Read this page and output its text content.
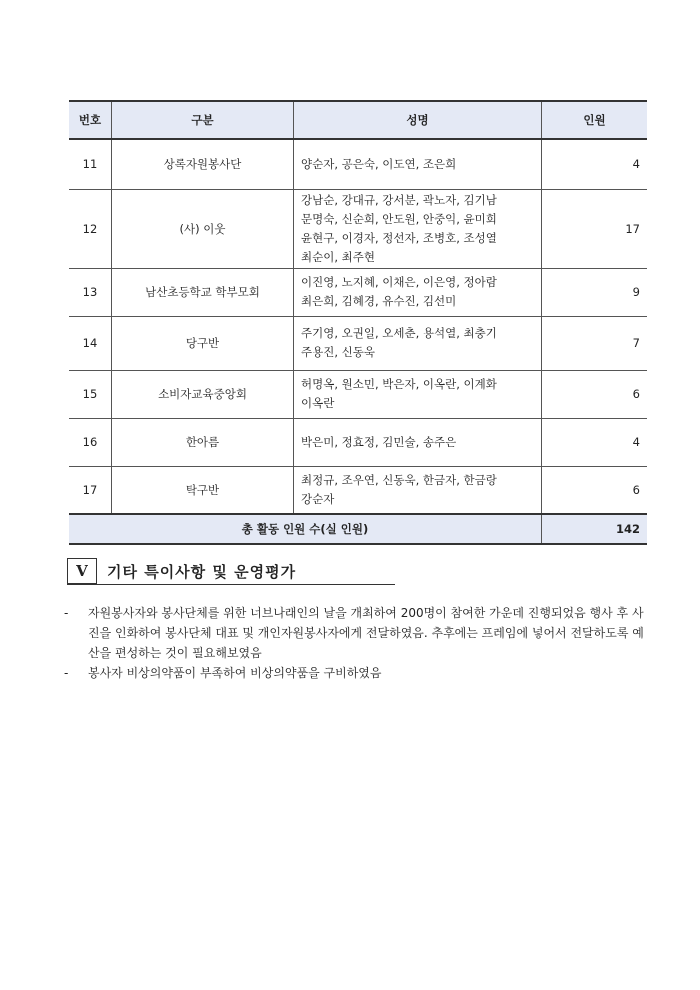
번호	구분	성명	인원
11	상록자원봉사단	양순자, 공은숙, 이도연, 조은희	4
12	(사) 이웃	강남순, 강대규, 강서분, 곽노자, 김기남
문명숙, 신순희, 안도원, 안중익, 윤미희
윤현구, 이경자, 정선자, 조병호, 조성열
최순이, 최주현	17
13	남산초등학교 학부모회	이진영, 노지혜, 이채은, 이은영, 정아람
최은희, 김혜경, 유수진, 김선미	9
14	당구반	주기영, 오권일, 오세춘, 용석열, 최충기
주용진, 신동욱	7
15	소비자교육중앙회	허명옥, 원소민, 박은자, 이옥란, 이계화
이옥란	6
16	한아름	박은미, 정효정, 김민술, 송주은	4
17	탁구반	최정규, 조우연, 신동욱, 한금자, 한금랑
강순자	6
총 활동 인원 수(실 인원)			142
V	기타 특이사항 및 운영평가
-	자원봉사자와 봉사단체를 위한 너브나래인의 날을 개최하여 200명이 참여한 가운데 진행되었음 행사 후 사진을 인화하여 봉사단체 대표 및 개인자원봉사자에게 전달하였음. 추후에는 프레임에 넣어서 전달하도록 예산을 편성하는 것이 필요해보였음
-	봉사자 비상의약품이 부족하여 비상의약품을 구비하였음
